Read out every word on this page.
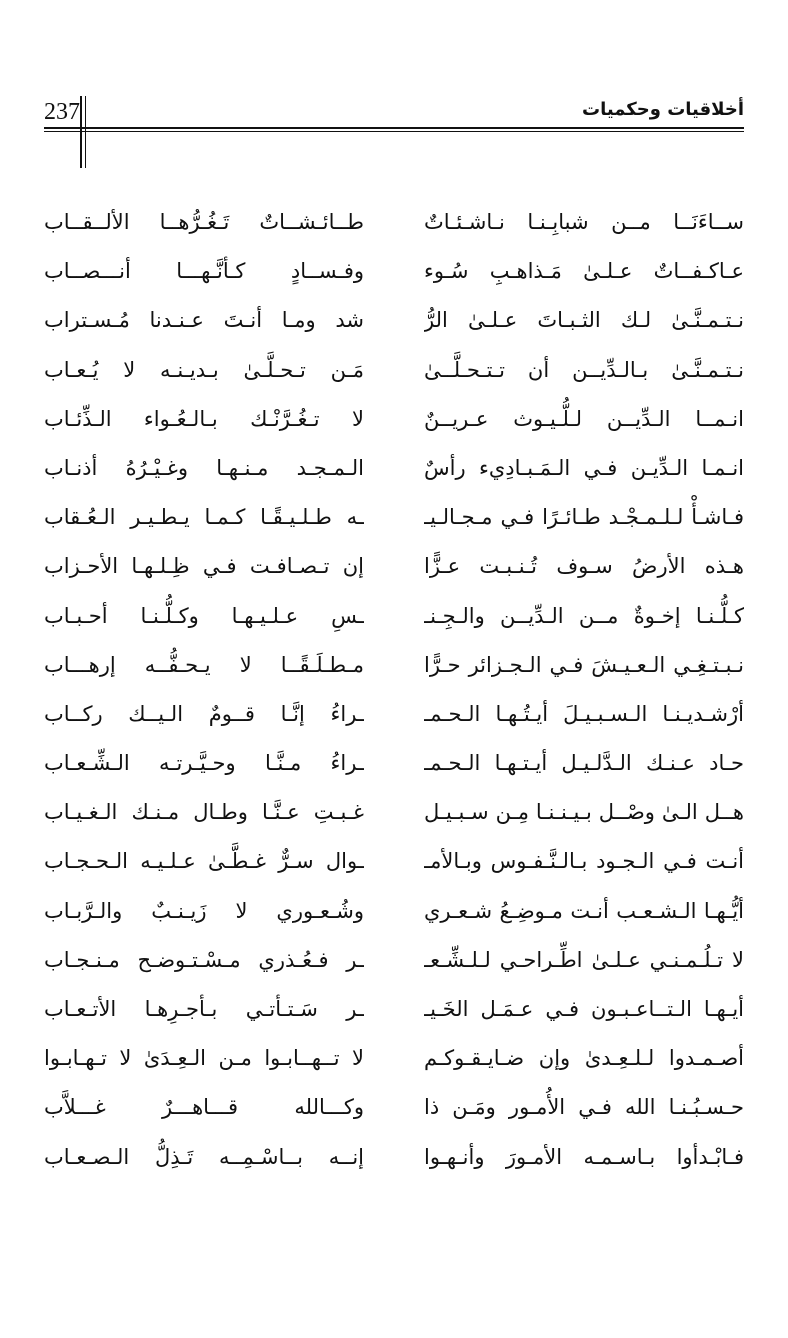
237	أخلاقيات وحكميات
ســاءَنَــا مــن شبابِـنـا نـاشـئـاتٌ
طــائـشــاتٌ تَـغُـرُّهــا الألــقــاب
عـاكـفــاتٌ عـلـىٰ مَـذاهـبِ سُـوء
وفـســادٍ كـأنَّـهـــا أنـــصــاب
نـتـمـنَّـىٰ لـك الثـبـاتَ عـلـىٰ الرُّ
شد ومـا أنـتَ عـنـدنا مُـسـتراب
نـتـمـنَّـىٰ بـالـدِّيــن أن تـتـحـلَّــىٰ
مَـن تـحـلَّـىٰ بـديـنـه لا يُـعـاب
انـمــا الـدِّيــن لـلُّـيـوث عـريــنٌ
لا تـغُـرَّنْـك بـالـعُـواء الـذِّئـاب
انـمـا الـدِّيـن فـي الـمَـبـادِيء رأسٌ
الـمـجـد مـنـهـا وغـيْـرُهُ أذنـاب
فـاشـأْ لـلـمـجْـد طـائـرًا فـي مـجـالـيـ
ـه طـلـيـقًـا كـمـا يـطـيـر الـعُـقاب
هـذه الأرضُ سـوف تُـنـبـت عـزًّا
إن تـصـافـت فـي ظِـلـهـا الأحـزاب
كـلُّـنـا إخـوةٌ مــن الـدِّيــن والـجِـنـ
ـسِ عـلـيـهـا وكـلُّـنـا أحـبـاب
نـبـتـغِـي الـعـيـشَ فـي الـجـزائر حـرًّا
مـطـلَـقًــا لا يـحـفُّــه إرهـــاب
أرْشـديـنـا الـسـبـيـلَ أيـتُـهـا الـحـمـ
ـراءُ إنَّـا قــومٌ الـيــك ركــاب
حـاد عـنـك الـدَّلـيـل أيـتـهـا الـحـمـ
ـراءُ مـنَّـا وحـيَّـرتـه الـشِّـعـاب
هــل الـىٰ وصْــل بـيـنـنـا مِـن سـبـيـل
غـبـتِ عـنَّـا وطـال مـنـك الـغـيـاب
أنـت فـي الـجـود بـالـنَّـفـوس وبـالأمـ
ـوال سـرٌّ غـطَّـىٰ عـلـيـه الـحـجـاب
أيُّـهـا الـشـعـب أنـت مـوضِـعُ شـعـري
وشُـعـوري لا زَيـنـبٌ والـرَّبـاب
لا تـلُـمـنـي عـلـىٰ اطِّـراحـي لـلـشِّـعـ
ـر فـعُـذري مـسْـتـوضـح مـنـجـاب
أيـهـا الـتــاعـبـون فـي عـمَـل الخَـيـ
ـر سَـتـأتـي بـأجـرِهـا الأتـعـاب
أصـمـدوا لـلـعِـدىٰ وإن ضـايـقـوكـم
لا تــهــابـوا مـن الـعِـدَىٰ لا تـهـابـوا
حـسـبُـنـا الله فـي الأُمـور ومَـن ذا
وكـــالله قـــاهـــرٌ غـــلاَّب
فـابْـدأوا بـاسـمـه الأمـورَ وأنـهـوا
إنــه بــاسْـمِــه تَـذِلُّ الـصـعـاب
